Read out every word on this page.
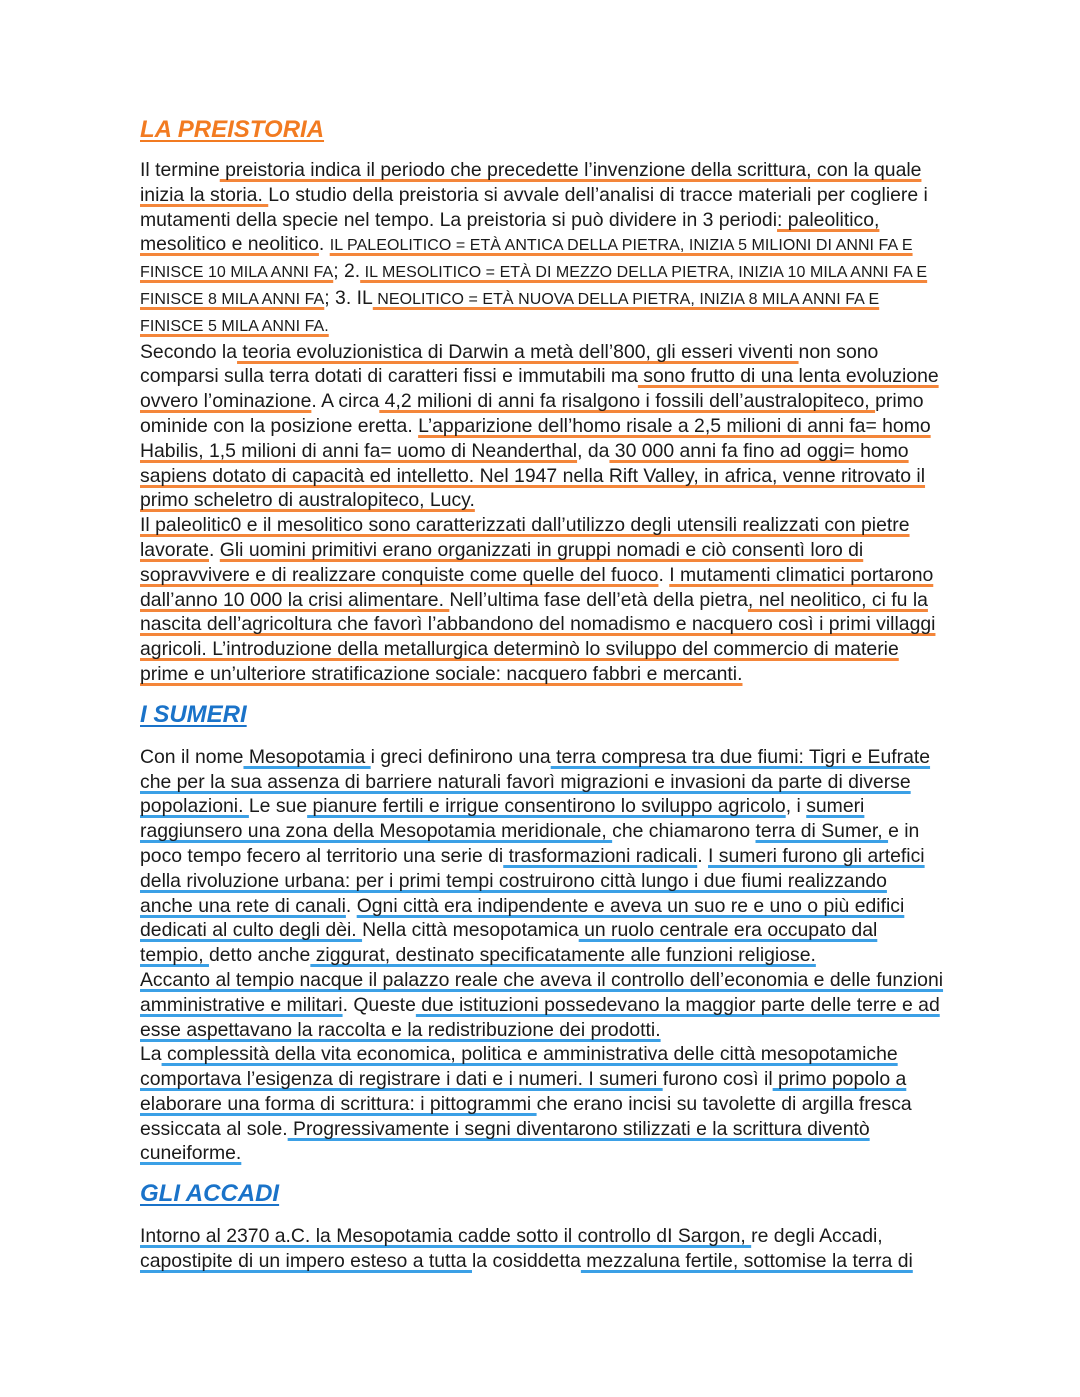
LA PREISTORIA

Il termine preistoria indica il periodo che precedette l’invenzione della scrittura, con la quale inizia la storia. Lo studio della preistoria si avvale dell’analisi di tracce materiali per cogliere i mutamenti della specie nel tempo. La preistoria si può dividere in 3 periodi: paleolitico, mesolitico e neolitico. IL PALEOLITICO = ETÀ ANTICA DELLA PIETRA, INIZIA 5 MILIONI DI ANNI FA E FINISCE 10 MILA ANNI FA; 2. IL MESOLITICO = ETÀ DI MEZZO DELLA PIETRA, INIZIA 10 MILA ANNI FA E FINISCE 8 MILA ANNI FA; 3. IL NEOLITICO = ETÀ NUOVA DELLA PIETRA, INIZIA 8 MILA ANNI FA E FINISCE 5 MILA ANNI FA.

Secondo la teoria evoluzionistica di Darwin a metà dell’800, gli esseri viventi non sono comparsi sulla terra dotati di caratteri fissi e immutabili ma sono frutto di una lenta evoluzione ovvero l’ominazione. A circa 4,2 milioni di anni fa risalgono i fossili dell’australopiteco, primo ominide con la posizione eretta. L’apparizione dell’homo risale a 2,5 milioni di anni fa= homo Habilis, 1,5 milioni di anni fa= uomo di Neanderthal, da 30 000 anni fa fino ad oggi= homo sapiens dotato di capacità ed intelletto. Nel 1947 nella Rift Valley, in africa, venne ritrovato il primo scheletro di australopiteco, Lucy.

Il paleolitic0 e il mesolitico sono caratterizzati dall’utilizzo degli utensili realizzati con pietre lavorate. Gli uomini primitivi erano organizzati in gruppi nomadi e ciò consentì loro di sopravvivere e di realizzare conquiste come quelle del fuoco. I mutamenti climatici portarono dall’anno 10 000 la crisi alimentare. Nell’ultima fase dell’età della pietra, nel neolitico, ci fu la nascita dell’agricoltura che favorì l’abbandono del nomadismo e nacquero così i primi villaggi agricoli. L’introduzione della metallurgica determinò lo sviluppo del commercio di materie prime e un’ulteriore stratificazione sociale: nacquero fabbri e mercanti.

I SUMERI

Con il nome Mesopotamia i greci definirono una terra compresa tra due fiumi: Tigri e Eufrate che per la sua assenza di barriere naturali favorì migrazioni e invasioni da parte di diverse popolazioni. Le sue pianure fertili e irrigue consentirono lo sviluppo agricolo, i sumeri raggiunsero una zona della Mesopotamia meridionale, che chiamarono terra di Sumer, e in poco tempo fecero al territorio una serie di trasformazioni radicali. I sumeri furono gli artefici della rivoluzione urbana: per i primi tempi costruirono città lungo i due fiumi realizzando anche una rete di canali. Ogni città era indipendente e aveva un suo re e uno o più edifici dedicati al culto degli dèi. Nella città mesopotamica un ruolo centrale era occupato dal tempio, detto anche ziggurat, destinato specificatamente alle funzioni religiose.

Accanto al tempio nacque il palazzo reale che aveva il controllo dell’economia e delle funzioni amministrative e militari. Queste due istituzioni possedevano la maggior parte delle terre e ad esse aspettavano la raccolta e la redistribuzione dei prodotti.

La complessità della vita economica, politica e amministrativa delle città mesopotamiche comportava l’esigenza di registrare i dati e i numeri. I sumeri furono così il primo popolo a elaborare una forma di scrittura: i pittogrammi che erano incisi su tavolette di argilla fresca essiccata al sole. Progressivamente i segni diventarono stilizzati e la scrittura diventò cuneiforme.

GLI ACCADI

Intorno al 2370 a.C. la Mesopotamia cadde sotto il controllo dI Sargon, re degli Accadi, capostipite di un impero esteso a tutta la cosiddetta mezzaluna fertile, sottomise la terra di
